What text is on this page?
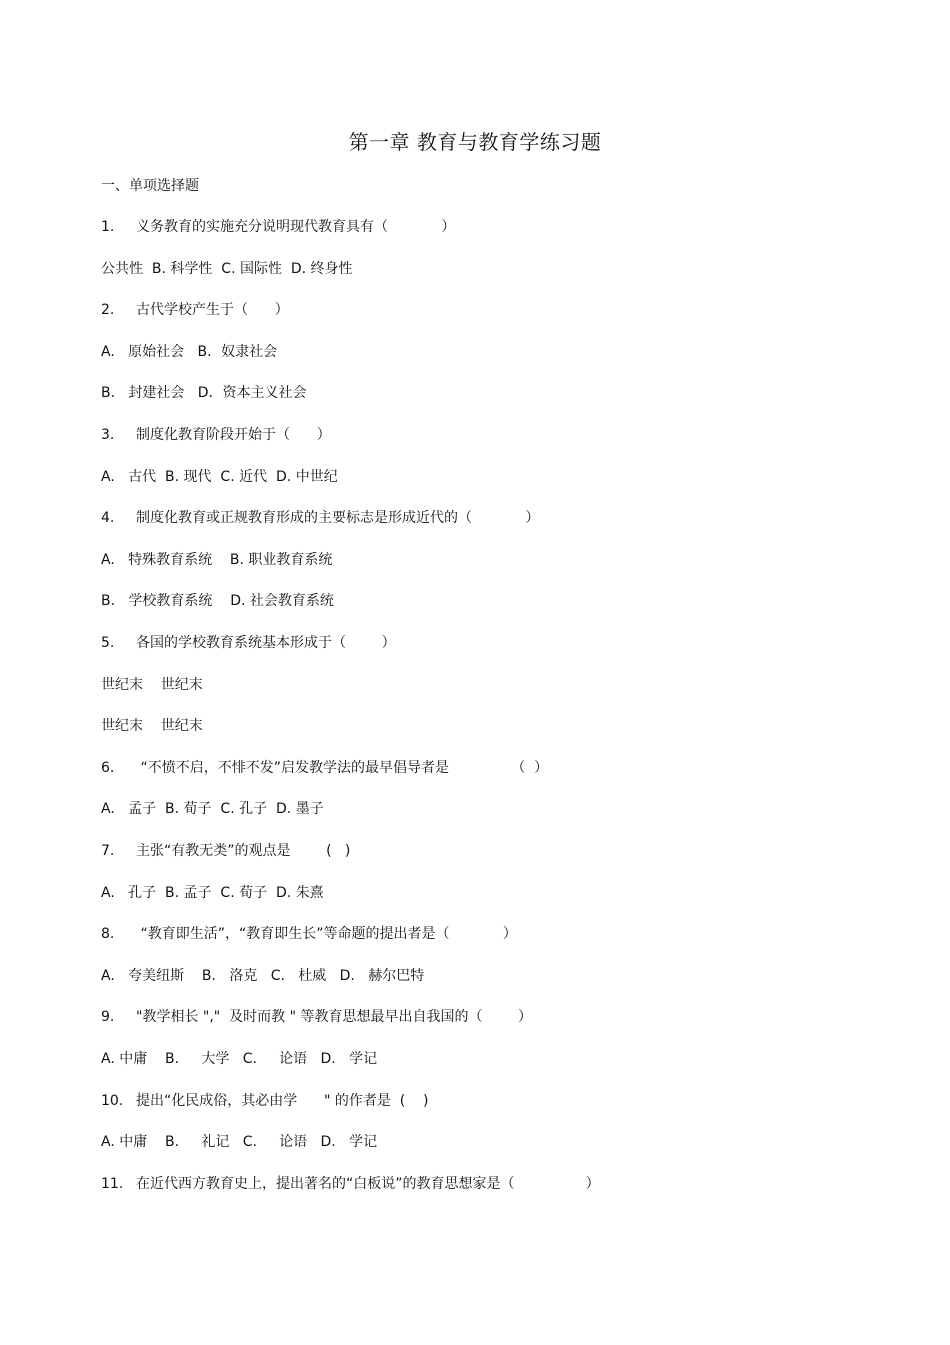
第一章 教育与教育学练习题
一、单项选择题
1. 义务教育的实施充分说明现代教育具有（            ）
公共性  B. 科学性  C. 国际性  D. 终身性
2. 古代学校产生于（      ）
A.   原始社会   B．奴隶社会
B.   封建社会   D．资本主义社会
3. 制度化教育阶段开始于（      ）
A.   古代  B. 现代  C. 近代  D. 中世纪
4. 制度化教育或正规教育形成的主要标志是形成近代的（            ）
A.   特殊教育系统    B. 职业教育系统
B.   学校教育系统    D. 社会教育系统
5. 各国的学校教育系统基本形成于（        ）
世纪末    世纪末
世纪末    世纪末
6. “不愤不启，不悱不发”启发教学法的最早倡导者是              （  ）
A.   孟子  B. 荀子  C. 孔子  D. 墨子
7. 主张“有教无类”的观点是        (   )
A.   孔子  B. 孟子  C. 荀子  D. 朱熹
8. “教育即生活”，“教育即生长”等命题的提出者是（            ）
A.   夸美纽斯    B.   洛克   C.   杜威   D.   赫尔巴特
9. "教学相长 ","  及时而教 " 等教育思想最早出自我国的（        ）
A. 中庸    B.     大学   C.     论语   D.   学记
10. 提出“化民成俗，其必由学      " 的作者是  (    )
A. 中庸    B.     礼记   C.     论语   D.   学记
11. 在近代西方教育史上，提出著名的“白板说”的教育思想家是（                ）
